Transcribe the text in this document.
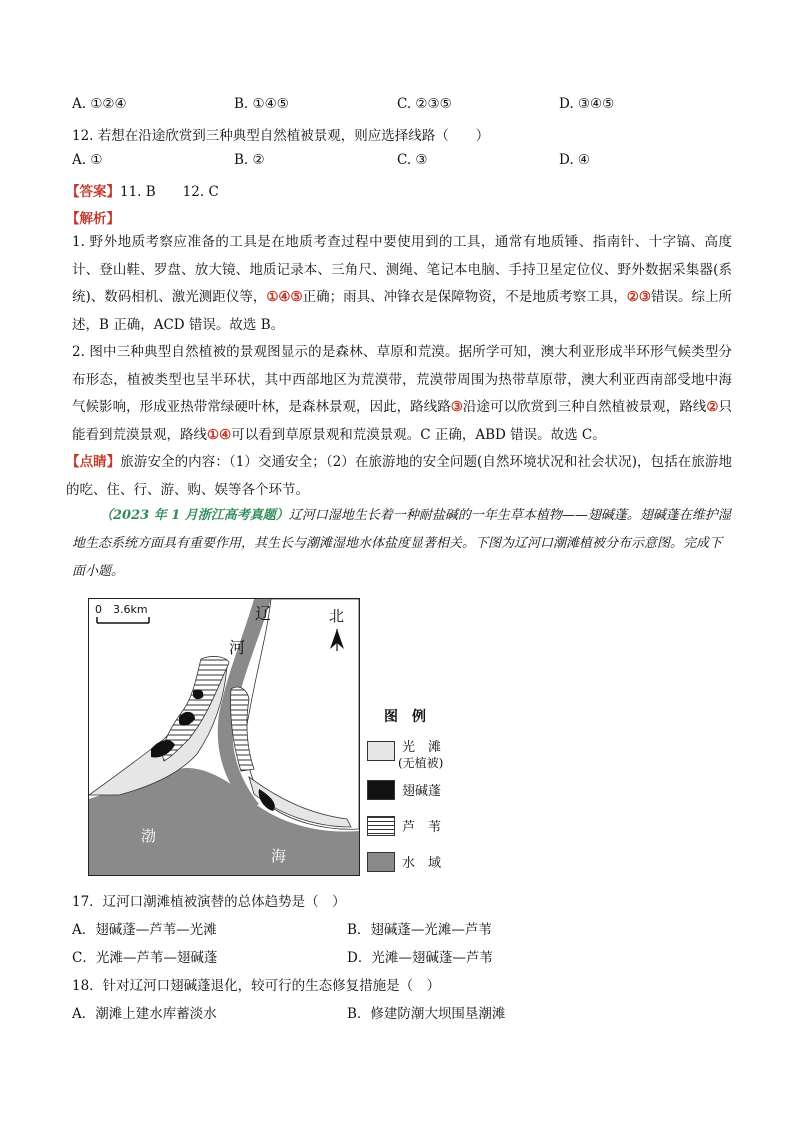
A. ①②④	B. ①④⑤	C. ②③⑤	D. ③④⑤
12. 若想在沿途欣赏到三种典型自然植被景观，则应选择线路（　　）
A. ①	B. ②	C. ③	D. ④
【答案】11. B　　12. C
【解析】
1. 野外地质考察应准备的工具是在地质考查过程中要使用到的工具，通常有地质锤、指南针、十字镐、高度计、登山鞋、罗盘、放大镜、地质记录本、三角尺、测绳、笔记本电脑、手持卫星定位仪、野外数据采集器(系统)、数码相机、激光测距仪等，①④⑤正确；雨具、冲锋衣是保障物资，不是地质考察工具，②③错误。综上所述，B 正确，ACD 错误。故选 B。
2. 图中三种典型自然植被的景观图显示的是森林、草原和荒漠。据所学可知，澳大利亚形成半环形气候类型分布形态，植被类型也呈半环状，其中西部地区为荒漠带，荒漠带周围为热带草原带，澳大利亚西南部受地中海气候影响，形成亚热带常绿硬叶林，是森林景观，因此，路线路③沿途可以欣赏到三种自然植被景观，路线②只能看到荒漠景观，路线①④可以看到草原景观和荒漠景观。C 正确，ABD 错误。故选 C。
【点睛】旅游安全的内容：（1）交通安全；（2）在旅游地的安全问题(自然环境状况和社会状况)，包括在旅游地的吃、住、行、游、购、娱等各个环节。
（2023 年 1 月浙江高考真题）辽河口湿地生长着一种耐盐碱的一年生草本植物——翅碱蓬。翅碱蓬在维护湿地生态系统方面具有重要作用，其生长与潮滩湿地水体盐度显著相关。下图为辽河口潮滩植被分布示意图。完成下面小题。
0　3.6km	辽
河
北
渤
海
图　例
光　滩
(无植被)
翅碱蓬
芦　苇
水　域
17．辽河口潮滩植被演替的总体趋势是（　）
A．翅碱蓬—芦苇—光滩	B．翅碱蓬—光滩—芦苇
C．光滩—芦苇—翅碱蓬	D．光滩—翅碱蓬—芦苇
18．针对辽河口翅碱蓬退化，较可行的生态修复措施是（　）
A．潮滩上建水库蓄淡水	B．修建防潮大坝围垦潮滩
